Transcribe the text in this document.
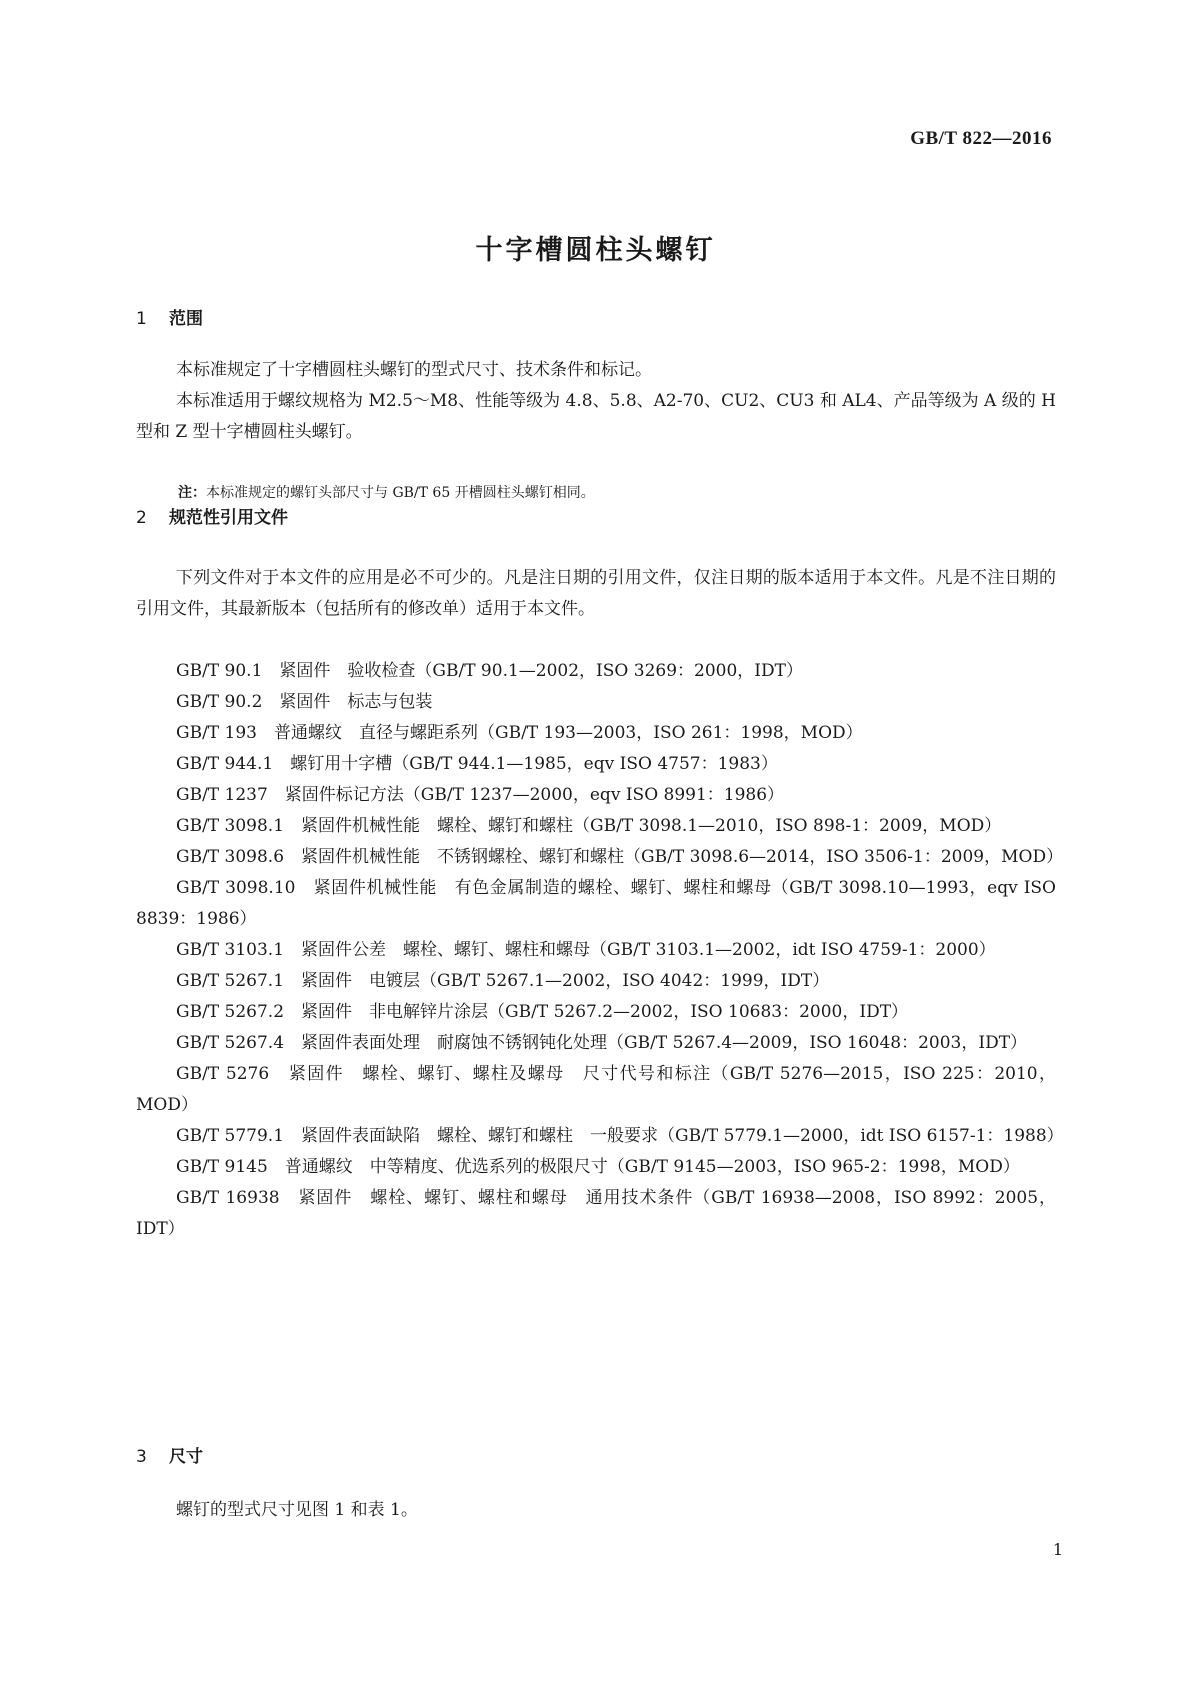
GB/T 822—2016
十字槽圆柱头螺钉
1 范围
本标准规定了十字槽圆柱头螺钉的型式尺寸、技术条件和标记。
本标准适用于螺纹规格为 M2.5～M8、性能等级为 4.8、5.8、A2-70、CU2、CU3 和 AL4、产品等级为 A 级的 H 型和 Z 型十字槽圆柱头螺钉。
注：本标准规定的螺钉头部尺寸与 GB/T 65 开槽圆柱头螺钉相同。
2 规范性引用文件
下列文件对于本文件的应用是必不可少的。凡是注日期的引用文件，仅注日期的版本适用于本文件。凡是不注日期的引用文件，其最新版本（包括所有的修改单）适用于本文件。
GB/T 90.1　紧固件　验收检查（GB/T 90.1—2002，ISO 3269：2000，IDT）
GB/T 90.2　紧固件　标志与包装
GB/T 193　普通螺纹　直径与螺距系列（GB/T 193—2003，ISO 261：1998，MOD）
GB/T 944.1　螺钉用十字槽（GB/T 944.1—1985，eqv ISO 4757：1983）
GB/T 1237　紧固件标记方法（GB/T 1237—2000，eqv ISO 8991：1986）
GB/T 3098.1　紧固件机械性能　螺栓、螺钉和螺柱（GB/T 3098.1—2010，ISO 898-1：2009，MOD）
GB/T 3098.6　紧固件机械性能　不锈钢螺栓、螺钉和螺柱（GB/T 3098.6—2014，ISO 3506-1：2009，MOD）
GB/T 3098.10　紧固件机械性能　有色金属制造的螺栓、螺钉、螺柱和螺母（GB/T 3098.10—1993，eqv ISO 8839：1986）
GB/T 3103.1　紧固件公差　螺栓、螺钉、螺柱和螺母（GB/T 3103.1—2002，idt ISO 4759-1：2000）
GB/T 5267.1　紧固件　电镀层（GB/T 5267.1—2002，ISO 4042：1999，IDT）
GB/T 5267.2　紧固件　非电解锌片涂层（GB/T 5267.2—2002，ISO 10683：2000，IDT）
GB/T 5267.4　紧固件表面处理　耐腐蚀不锈钢钝化处理（GB/T 5267.4—2009，ISO 16048：2003，IDT）
GB/T 5276　紧固件　螺栓、螺钉、螺柱及螺母　尺寸代号和标注（GB/T 5276—2015，ISO 225：2010，MOD）
GB/T 5779.1　紧固件表面缺陷　螺栓、螺钉和螺柱　一般要求（GB/T 5779.1—2000，idt ISO 6157-1：1988）
GB/T 9145　普通螺纹　中等精度、优选系列的极限尺寸（GB/T 9145—2003，ISO 965-2：1998，MOD）
GB/T 16938　紧固件　螺栓、螺钉、螺柱和螺母　通用技术条件（GB/T 16938—2008，ISO 8992：2005，IDT）
3 尺寸
螺钉的型式尺寸见图 1 和表 1。
1
